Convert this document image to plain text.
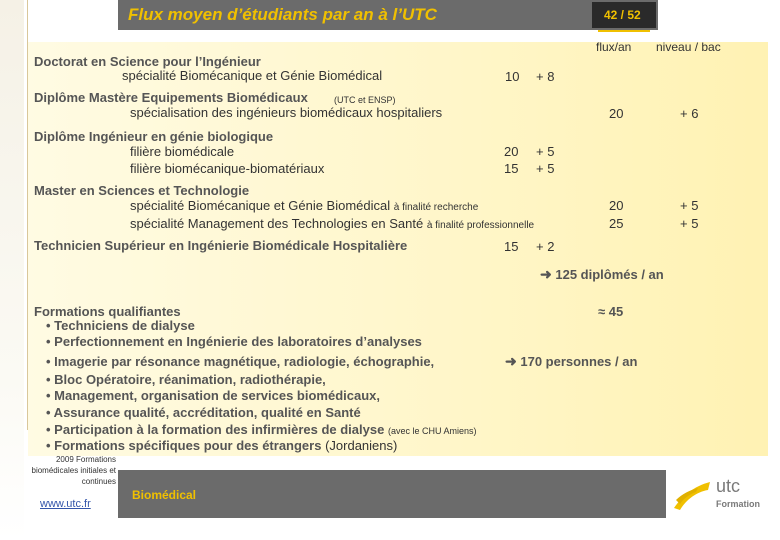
Flux moyen d’étudiants par an à l’UTC	42 / 52
flux/an niveau / bac
Doctorat en Science pour l’Ingénieur
spécialité Biomécanique et Génie Biomédical	10 + 8
Diplôme Mastère Equipements Biomédicaux	(UTC et ENSP)
spécialisation des ingénieurs biomédicaux hospitaliers	20	+ 6
Diplôme Ingénieur en génie biologique
filière biomédicale	20 + 5
filière biomécanique-biomatériaux	15 + 5
Master en Sciences et Technologie
spécialité Biomécanique et Génie Biomédical à finalité recherche	20	+ 5
spécialité Management des Technologies en Santé à finalité professionnelle	25	+ 5
Technicien Supérieur en Ingénierie Biomédicale Hospitalière	15 + 2
➜ 125 diplômés / an
Formations qualifiantes	≈ 45
• Techniciens de dialyse
• Perfectionnement en Ingénierie des laboratoires d’analyses
• Imagerie par résonance magnétique, radiologie, échographie,
• Bloc Opératoire, réanimation, radiothérapie,
• Management, organisation de services biomédicaux,
• Assurance qualité, accréditation, qualité en Santé
• Participation à la formation des infirmières de dialyse (avec le CHU Amiens)
• Formations spécifiques pour des étrangers (Jordaniens)
➜ 170 personnes / an
2009 Formations biomédicales initiales et continues
www.utc.fr
Biomédical	utc
Formation
